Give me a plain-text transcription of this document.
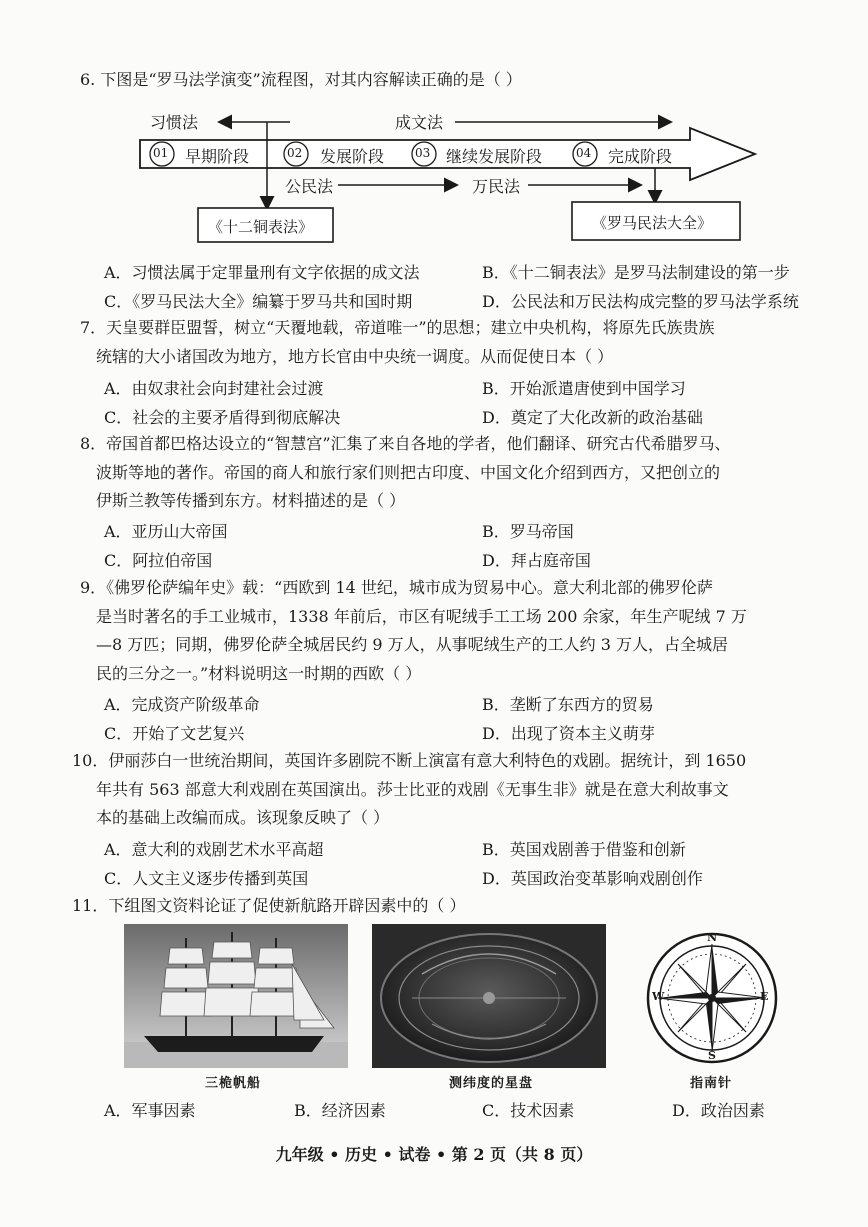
6. 下图是“罗马法学演变”流程图，对其内容解读正确的是（ ）

习惯法	成文法
01 早期阶段	02 发展阶段	03 继续发展阶段	04 完成阶段
公民法	万民法
《十二铜表法》	《罗马民法大全》
A．习惯法属于定罪量刑有文字依据的成文法	B．《十二铜表法》是罗马法制建设的第一步
C．《罗马民法大全》编纂于罗马共和国时期	D．公民法和万民法构成完整的罗马法学系统
7．天皇要群臣盟誓，树立“天覆地载，帝道唯一”的思想；建立中央机构，将原先氏族贵族
统辖的大小诸国改为地方，地方长官由中央统一调度。从而促使日本（ ）
A．由奴隶社会向封建社会过渡	B．开始派遣唐使到中国学习
C．社会的主要矛盾得到彻底解决	D．奠定了大化改新的政治基础
8．帝国首都巴格达设立的“智慧宫”汇集了来自各地的学者，他们翻译、研究古代希腊罗马、
波斯等地的著作。帝国的商人和旅行家们则把古印度、中国文化介绍到西方，又把创立的
伊斯兰教等传播到东方。材料描述的是（ ）
A．亚历山大帝国	B．罗马帝国
C．阿拉伯帝国	D．拜占庭帝国
9．《佛罗伦萨编年史》载：“西欧到 14 世纪，城市成为贸易中心。意大利北部的佛罗伦萨
是当时著名的手工业城市，1338 年前后，市区有呢绒手工工场 200 余家，年生产呢绒 7 万
—8 万匹；同期，佛罗伦萨全城居民约 9 万人，从事呢绒生产的工人约 3 万人，占全城居
民的三分之一。”材料说明这一时期的西欧（ ）
A．完成资产阶级革命	B．垄断了东西方的贸易
C．开始了文艺复兴	D．出现了资本主义萌芽
10．伊丽莎白一世统治期间，英国许多剧院不断上演富有意大利特色的戏剧。据统计，到 1650
年共有 563 部意大利戏剧在英国演出。莎士比亚的戏剧《无事生非》就是在意大利故事文
本的基础上改编而成。该现象反映了（ ）
A．意大利的戏剧艺术水平高超	B．英国戏剧善于借鉴和创新
C．人文主义逐步传播到英国	D．英国政治变革影响戏剧创作
11．下组图文资料论证了促使新航路开辟因素中的（ ）
三桅帆船	测纬度的星盘
N
S
E
W
指南针
A．军事因素	B．经济因素	C．技术因素	D．政治因素
九年级 • 历史 • 试卷 • 第 2 页（共 8 页）
